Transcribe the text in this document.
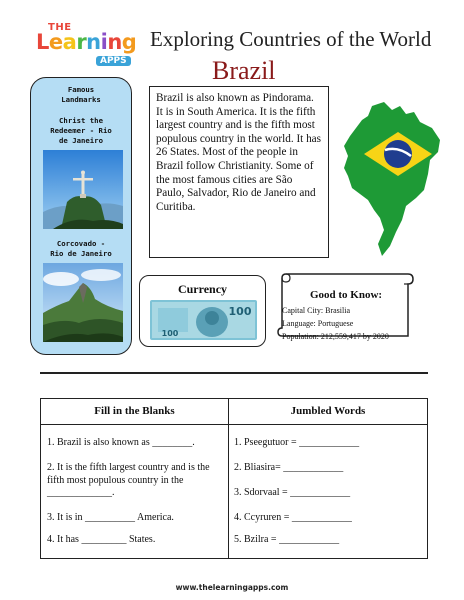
THE
Learning
APPS
Exploring Countries of the World
Brazil
Famous
Landmarks
Christ the
Redeemer - Rio
de Janeiro
Corcovado -
Rio de Janeiro
Brazil is also known as Pindorama. It is in South America. It is the fifth largest country and is the fifth most populous country in the world. It has 26 States. Most of the people in Brazil follow Christianity. Some of the most famous cities are São Paulo, Salvador, Rio de Janeiro and Curitiba.
Currency
100
100
Good to Know:
Capital City: Brasilia
Language: Portuguese
Population: 212,559,417 by 2020
Fill in the Blanks
1. Brazil is also known as ________.
2. It is the fifth largest country and is the fifth most populous country in the _____________.
3. It is in __________ America.
4. It has _________ States.
Jumbled Words
1. Pseegutuor = ____________
2. Bliasira= ____________
3. Sdorvaal = ____________
4. Ccyruren = ____________
5. Bzilra = ____________
www.thelearningapps.com
